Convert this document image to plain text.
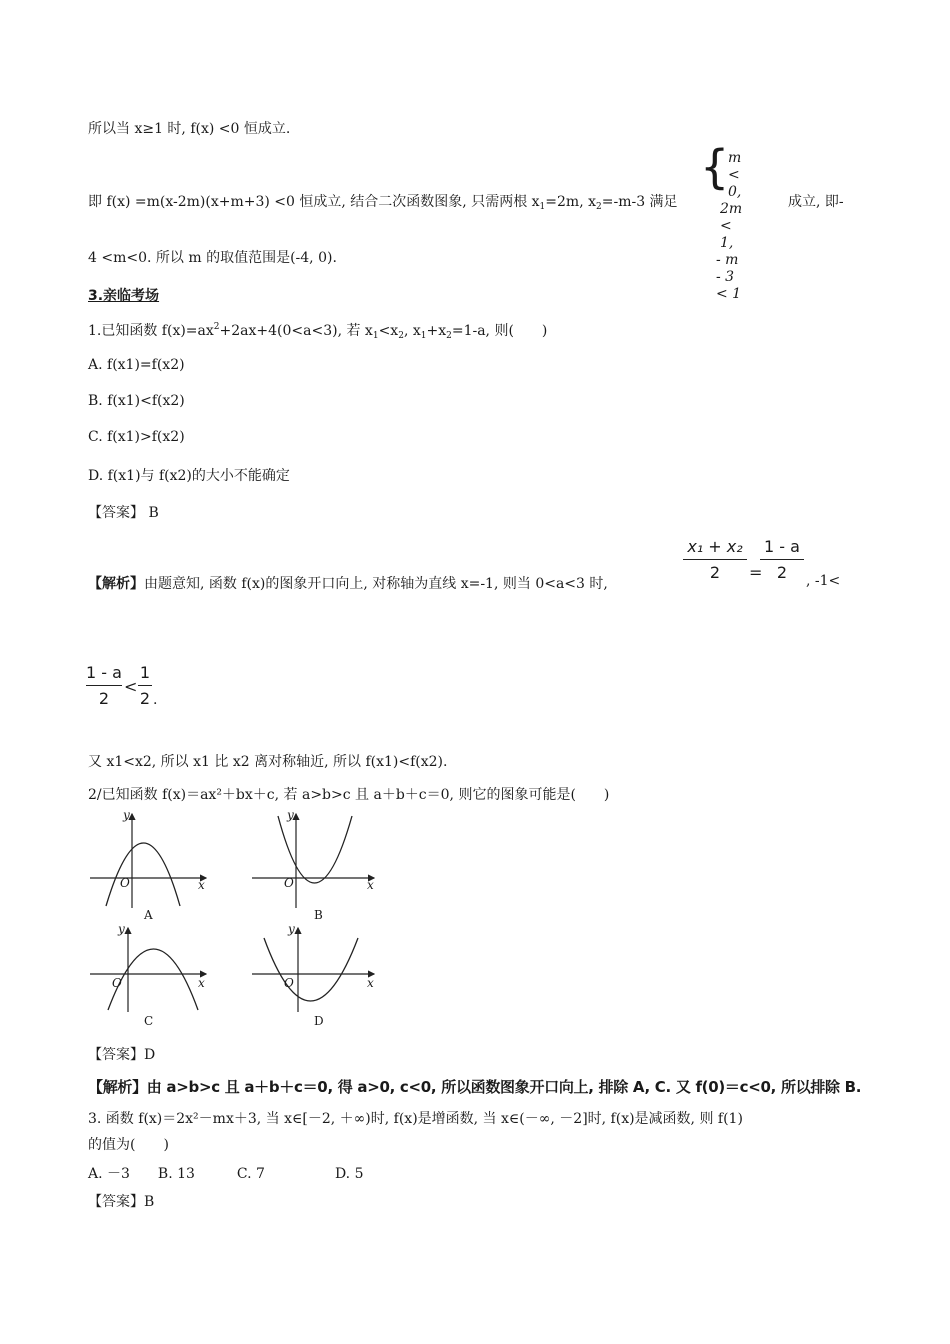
所以当 x≥1 时, f(x) <0 恒成立.
即 f(x) =m(x-2m)(x+m+3) <0 恒成立, 结合二次函数图象, 只需两根 $x_1=2m$, $x_2=-m-3$ 满足
{
m < 0,
2m < 1,
- m - 3 < 1
成立, 即-
4 <m<0. 所以 m 的取值范围是(-4, 0).
3.亲临考场
1.已知函数 $f(x)=ax^2+2ax+4(0<a<3)$, 若 $x_1<x_2$, $x_1+x_2=1-a$, 则(　　)
A. f(x1)=f(x2)
B. f(x1)<f(x2)
C. f(x1)>f(x2)
D. f(x1)与 f(x2)的大小不能确定
【答案】 B
【解析】由题意知, 函数 f(x)的图象开口向上, 对称轴为直线 x=-1, 则当 0<a<3 时,
x₁ + x₂
2	=
1 - a
2	, -1<
1 - a
2
<
1
2 .
又 x1<x2, 所以 x1 比 x2 离对称轴近, 所以 f(x1)<f(x2).
2/已知函数 f(x)＝ax²＋bx＋c, 若 a>b>c 且 a＋b＋c＝0, 则它的图象可能是(　　)
y
x
O
A
y
x
O
B
y
x
O
C
y
x
O
D
【答案】D
【解析】由 a>b>c 且 a＋b＋c＝0, 得 a>0, c<0, 所以函数图象开口向上, 排除 A, C. 又 f(0)＝c<0, 所以排除 B.
3. 函数 f(x)＝2x²－mx＋3, 当 x∈[－2, ＋∞)时, f(x)是增函数, 当 x∈(－∞, －2]时, f(x)是减函数, 则 f(1)
的值为(　　)
A. －3　　B. 13　　　C. 7　　　　　D. 5
【答案】B
